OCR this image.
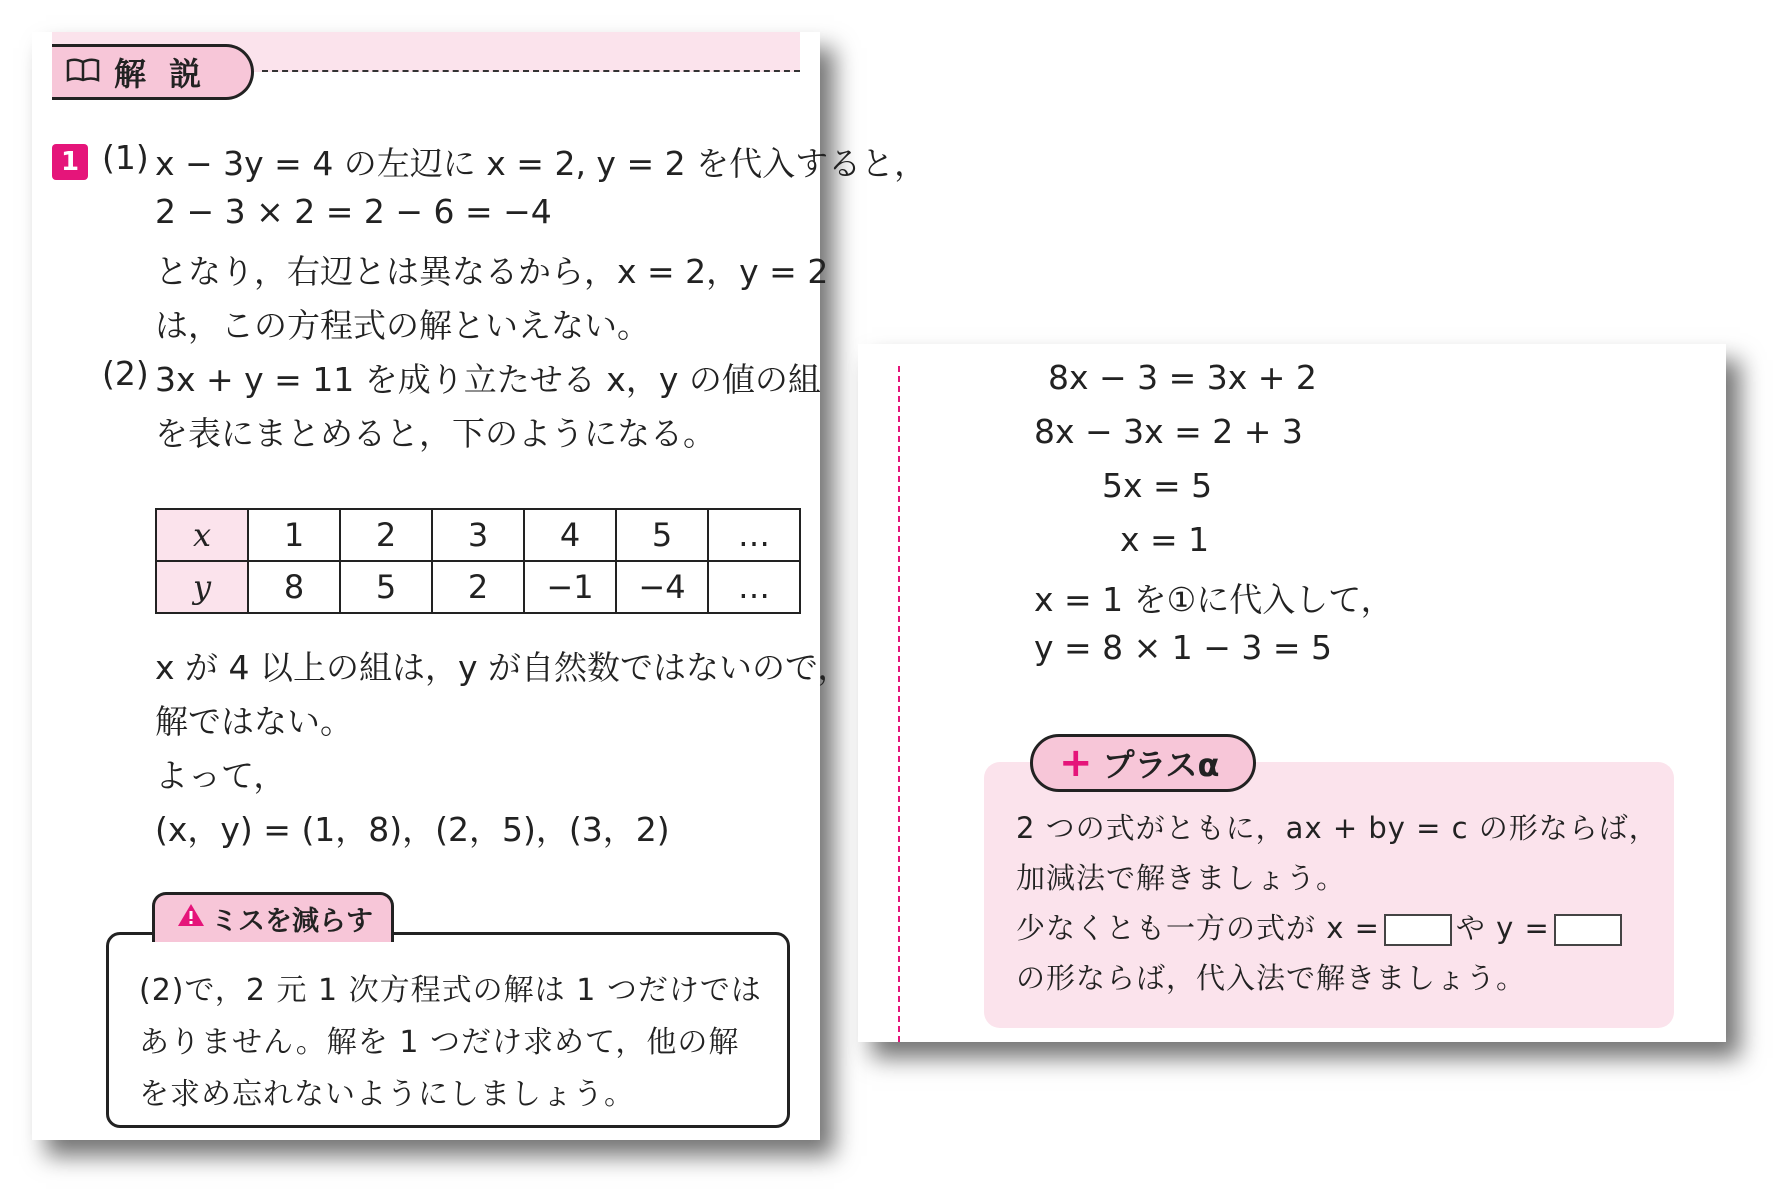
解 説
1 (1) x − 3y = 4 の左辺に x = 2, y = 2 を代入すると，
2 − 3 × 2 = 2 − 6 = −4
となり，右辺とは異なるから，x = 2，y = 2
は，この方程式の解といえない。
(2) 3x + y = 11 を成り立たせる x，y の値の組
を表にまとめると，下のようになる。
x	1	2	3	4	5	…
y	8	5	2	−1	−4	…
x が 4 以上の組は，y が自然数ではないので，
解ではない。
よって，
(x，y) = (1，8)，(2，5)，(3，2)
(2)で，2 元 1 次方程式の解は 1 つだけでは
ありません。解を 1 つだけ求めて，他の解
を求め忘れないようにしましょう。
ミスを減らす
8x − 3 = 3x + 2
8x − 3x = 2 + 3
5x = 5
x = 1
x = 1 を①に代入して，
y = 8 × 1 − 3 = 5
+ プラスα
2 つの式がともに，ax + by = c の形ならば，
加減法で解きましょう。
少なくとも一方の式が x =	や y =
の形ならば，代入法で解きましょう。
